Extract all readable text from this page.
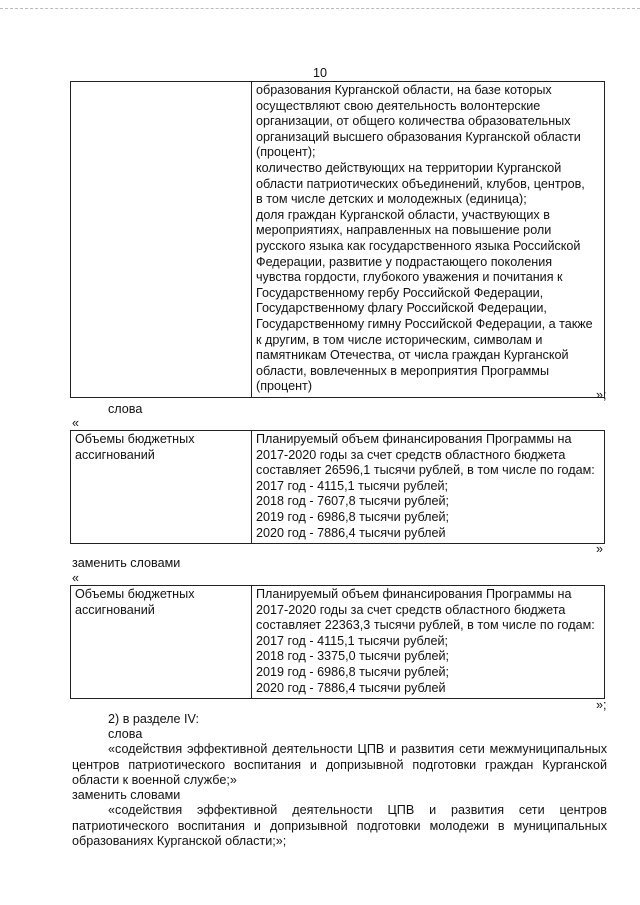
10

образования Курганской области, на базе которых
осуществляют свою деятельность волонтерские
организации, от общего количества образовательных
организаций высшего образования Курганской области
(процент);
количество действующих на территории Курганской
области патриотических объединений, клубов, центров,
в том числе детских и молодежных (единица);
доля граждан Курганской области, участвующих в
мероприятиях, направленных на повышение роли
русского языка как государственного языка Российской
Федерации, развитие у подрастающего поколения
чувства гордости, глубокого уважения и почитания к
Государственному гербу Российской Федерации,
Государственному флагу Российской Федерации,
Государственному гимну Российской Федерации, а также
к другим, в том числе историческим, символам и
памятникам Отечества, от числа граждан Курганской
области, вовлеченных в мероприятия Программы
(процент)
»;
слова
«
Объемы бюджетных
ассигнований

Планируемый объем финансирования Программы на
2017-2020 годы за счет средств областного бюджета
составляет 26596,1 тысячи рублей, в том числе по годам:
2017 год - 4115,1 тысячи рублей;
2018 год - 7607,8 тысячи рублей;
2019 год - 6986,8 тысячи рублей;
2020 год - 7886,4 тысячи рублей
»
заменить словами
«
Объемы бюджетных
ассигнований

Планируемый объем финансирования Программы на
2017-2020 годы за счет средств областного бюджета
составляет 22363,3 тысячи рублей, в том числе по годам:
2017 год - 4115,1 тысячи рублей;
2018 год - 3375,0 тысячи рублей;
2019 год - 6986,8 тысячи рублей;
2020 год - 7886,4 тысячи рублей
»;
2) в разделе IV:
слова
«содействия эффективной деятельности ЦПВ и развития сети межмуниципальных
центров патриотического воспитания и допризывной подготовки граждан Курганской
области к военной службе;»
заменить словами
«содействия эффективной деятельности ЦПВ и развития сети центров
патриотического воспитания и допризывной подготовки молодежи в муниципальных
образованиях Курганской области;»;
